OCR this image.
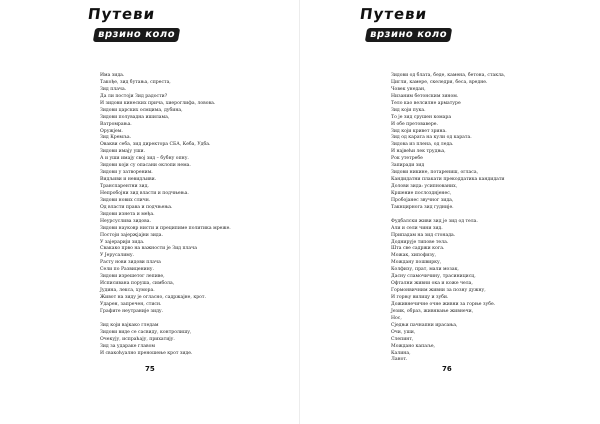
Путеви
врзино коло
Има зида.
Такође, зид бутања, спреста,
Зид плача.
Да ли постоји Зид радости?
И зидови кинеских прича, хиероглифа, ловова.
Зидови царских осмцима, дубина,
Зидови полувадна ишилама,
Ватромрања.
Оружјем.
Зид Кремља.
Овакви себа, зид директора CБA, Кеба, Удба.
Зидови имају уши.
А и уши имају свој зид – бубну опну.
Зидови који су опасани оклопи нема.
Зидови у затвореним.
Видљиви и невидљиви.
Транспарентни зид.
Непробојни зид власти и подчњења.
Зидови нових сличн.
Од власти права и подчњења.
Зидови изнета и међа.
Неурсуслива зидова.
Зидови науковр нисти и преципиме политика мреже.
Постоји зајержјајни зида.
У зајерарији зида.
Свакако прво на важности је Зид плача
У Јерусалиму.
Расту нови зидови плача
Сели по Развиценину.
Зидови изрешетог лепиве,
Исписивана поруша, симбола,
Јудина, лекса, хумора.
Живот на зиду је огласно, садржајне, крот.
Ударен, запречен, стисн.
Графите неутраније зиду.
Зид који вајкако гледам
Зидови виде се сасвиду, контролишу,
Очекују, испраћају, прихатију.
Зид за удараке главом
И свакоћуално преношење крот зиде.
75
Путеви
врзино коло
Зидови од блата, беде, камена, бетона, стакла,
Цигли, камере, скеледри, беса, вредне.
Човек унедан,
Низаним бетонским зином.
Тело као велсилне арматуре
Зид који пука.
То је зид срушен комара
И обе претовавере.
Зид који кривет зрина.
Зид од карата на кули од карата.
Зидова из плена, од леда.
И највећи лек трудња,
Рок утетребе
Запиради зид
Зидови никине, потарениш, огласа,
Кандидатни плакати прекоддатика кандидати
Долови зида: усипнованих,
Кршение послозднјенес,
Пробојанес звучног зида,
Такнцирнога зид гудније.
Фудбалски живи зид је зид од тела.
Али и сели чини зид.
Припадам на зид стонада.
Доднирује типове тела.
Шта све садржи кога.
Можак, хипофизу,
Мождану пошвирку,
Колфизу, прат, мали мозак,
Дасну сламочичину, трасиницисц,
Офтални живни ока и коже чела,
Гормонвичним живни за позну дужну,
И горњу вилицу и зуби.
Доживнечичне очне живни за горње зубе.
Језик, образ, живнвање живнечи,
Нос,
Сједњи пачнапни ирасања,
Очи, уши,
Слепинт,
Мождано капаље,
Калина,
Ланот.
76
